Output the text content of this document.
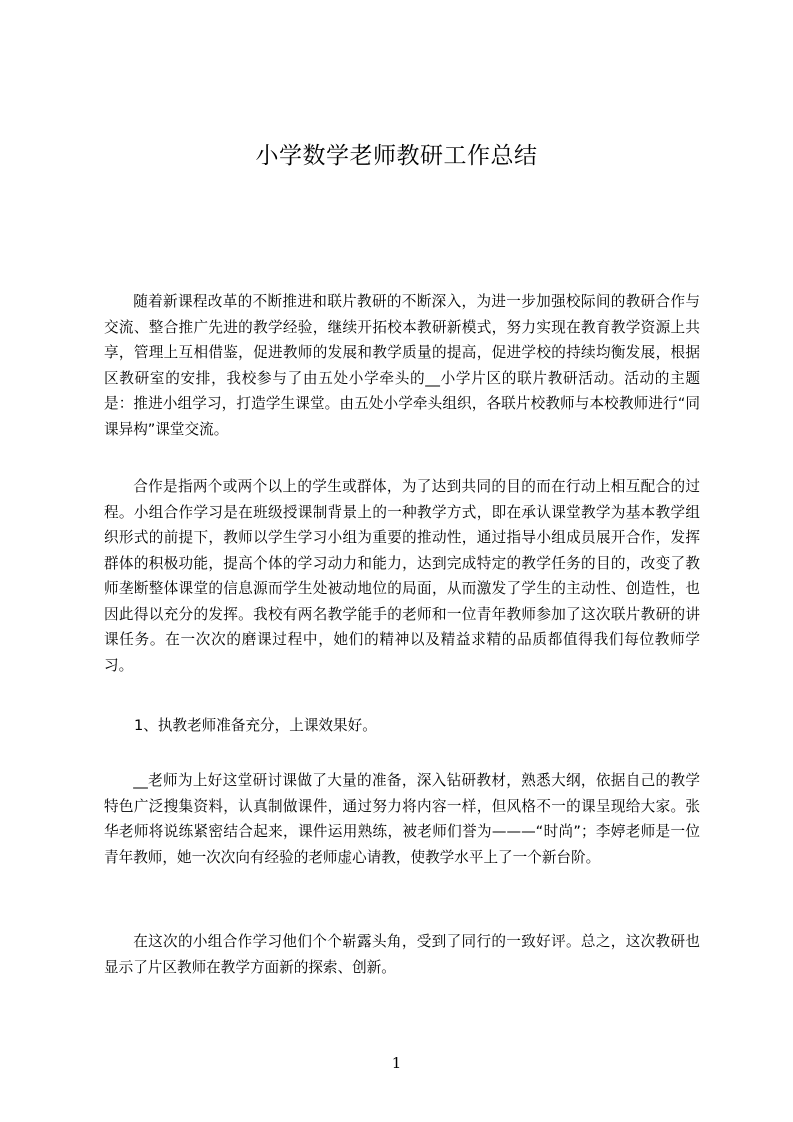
小学数学老师教研工作总结

随着新课程改革的不断推进和联片教研的不断深入，为进一步加强校际间的教研合作与交流、整合推广先进的教学经验，继续开拓校本教研新模式，努力实现在教育教学资源上共享，管理上互相借鉴，促进教师的发展和教学质量的提高，促进学校的持续均衡发展，根据区教研室的安排，我校参与了由五处小学牵头的__小学片区的联片教研活动。活动的主题是：推进小组学习，打造学生课堂。由五处小学牵头组织，各联片校教师与本校教师进行“同课异构”课堂交流。

合作是指两个或两个以上的学生或群体，为了达到共同的目的而在行动上相互配合的过程。小组合作学习是在班级授课制背景上的一种教学方式，即在承认课堂教学为基本教学组织形式的前提下，教师以学生学习小组为重要的推动性，通过指导小组成员展开合作，发挥群体的积极功能，提高个体的学习动力和能力，达到完成特定的教学任务的目的，改变了教师垄断整体课堂的信息源而学生处被动地位的局面，从而激发了学生的主动性、创造性，也因此得以充分的发挥。我校有两名教学能手的老师和一位青年教师参加了这次联片教研的讲课任务。在一次次的磨课过程中，她们的精神以及精益求精的品质都值得我们每位教师学习。

1、执教老师准备充分，上课效果好。

__老师为上好这堂研讨课做了大量的准备，深入钻研教材，熟悉大纲，依据自己的教学特色广泛搜集资料，认真制做课件，通过努力将内容一样，但风格不一的课呈现给大家。张华老师将说练紧密结合起来，课件运用熟练，被老师们誉为———“时尚”；李婷老师是一位青年教师，她一次次向有经验的老师虚心请教，使教学水平上了一个新台阶。

在这次的小组合作学习他们个个崭露头角，受到了同行的一致好评。总之，这次教研也显示了片区教师在教学方面新的探索、创新。

1
